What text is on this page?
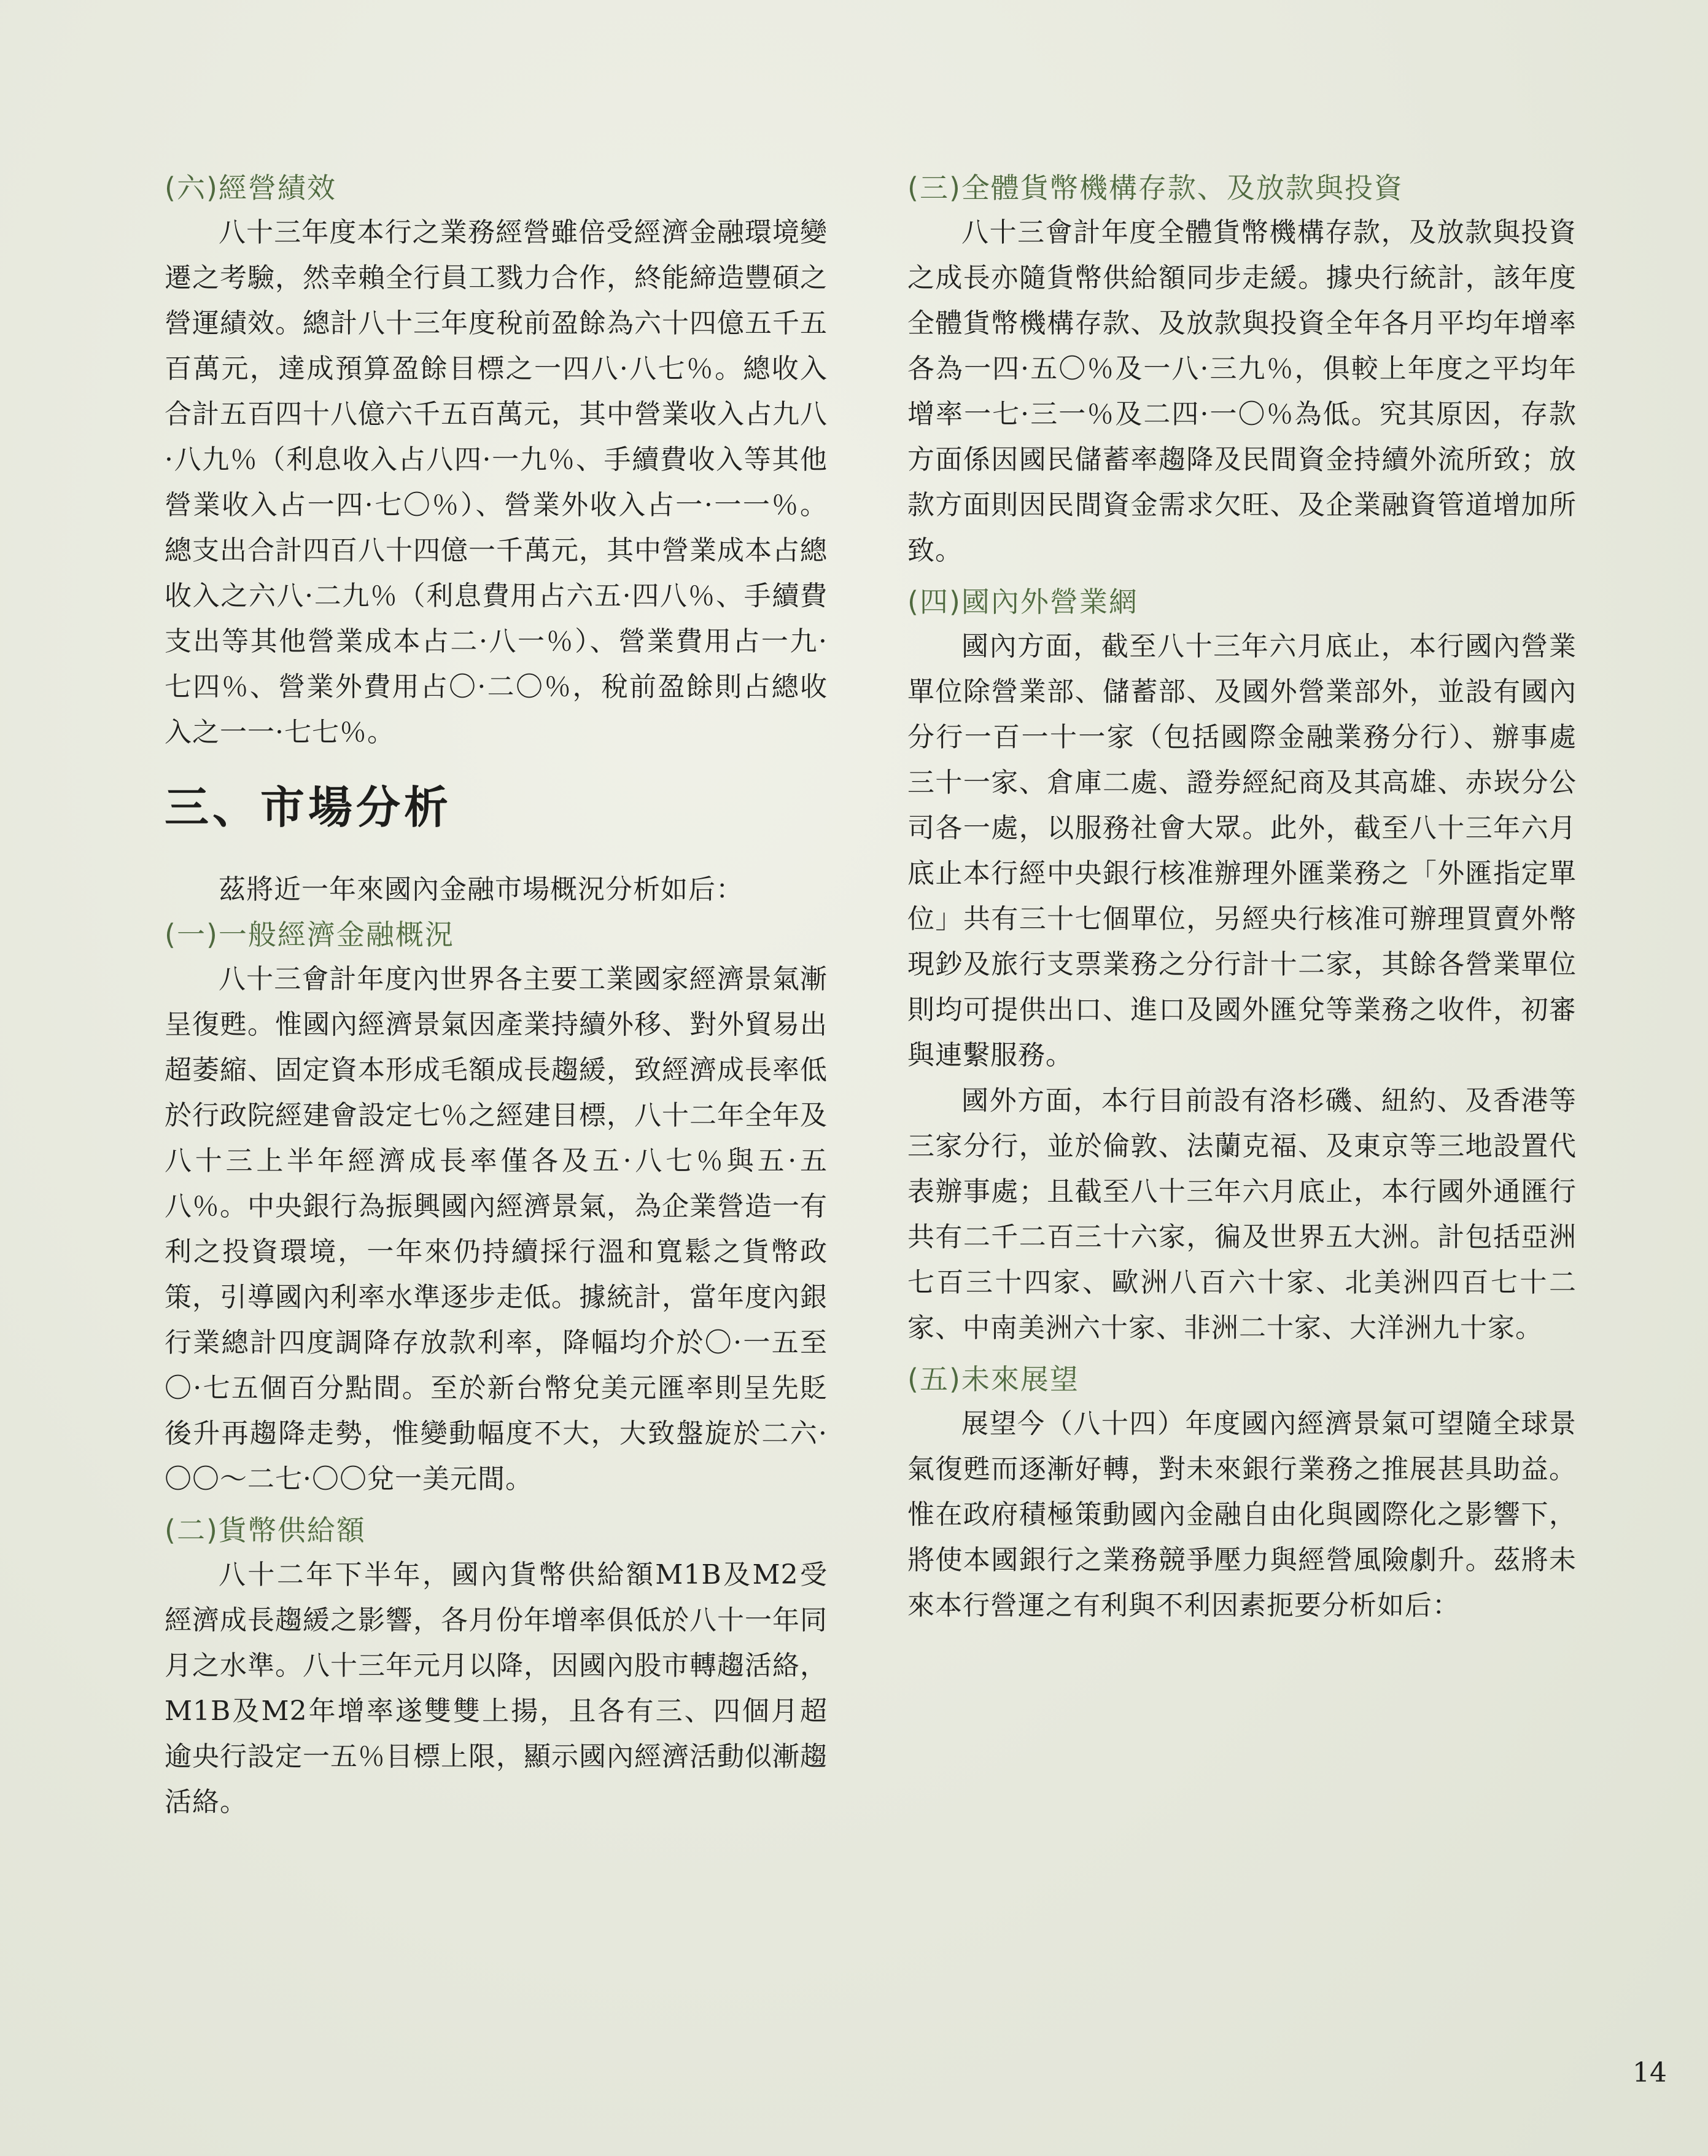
(六)經營績效

八十三年度本行之業務經營雖倍受經濟金融環境變遷之考驗，然幸賴全行員工戮力合作，終能締造豐碩之營運績效。總計八十三年度稅前盈餘為六十四億五千五百萬元，達成預算盈餘目標之一四八·八七％。總收入合計五百四十八億六千五百萬元，其中營業收入占九八·八九％（利息收入占八四·一九％、手續費收入等其他營業收入占一四·七〇％）、營業外收入占一·一一％。總支出合計四百八十四億一千萬元，其中營業成本占總收入之六八·二九％（利息費用占六五·四八％、手續費支出等其他營業成本占二·八一％）、營業費用占一九·七四％、營業外費用占〇·二〇％，稅前盈餘則占總收入之一一·七七％。

三、市場分析

茲將近一年來國內金融市場概況分析如后：

(一)一般經濟金融概況

八十三會計年度內世界各主要工業國家經濟景氣漸呈復甦。惟國內經濟景氣因產業持續外移、對外貿易出超萎縮、固定資本形成毛額成長趨緩，致經濟成長率低於行政院經建會設定七％之經建目標，八十二年全年及八十三上半年經濟成長率僅各及五·八七％與五·五八％。中央銀行為振興國內經濟景氣，為企業營造一有利之投資環境，一年來仍持續採行溫和寬鬆之貨幣政策，引導國內利率水準逐步走低。據統計，當年度內銀行業總計四度調降存放款利率，降幅均介於〇·一五至〇·七五個百分點間。至於新台幣兌美元匯率則呈先貶後升再趨降走勢，惟變動幅度不大，大致盤旋於二六·〇〇～二七·〇〇兌一美元間。

(二)貨幣供給額

八十二年下半年，國內貨幣供給額M1B及M2受經濟成長趨緩之影響，各月份年增率俱低於八十一年同月之水準。八十三年元月以降，因國內股市轉趨活絡，M1B及M2年增率遂雙雙上揚，且各有三、四個月超逾央行設定一五％目標上限，顯示國內經濟活動似漸趨活絡。

(三)全體貨幣機構存款、及放款與投資

八十三會計年度全體貨幣機構存款，及放款與投資之成長亦隨貨幣供給額同步走緩。據央行統計，該年度全體貨幣機構存款、及放款與投資全年各月平均年增率各為一四·五〇％及一八·三九％，俱較上年度之平均年增率一七·三一％及二四·一〇％為低。究其原因，存款方面係因國民儲蓄率趨降及民間資金持續外流所致；放款方面則因民間資金需求欠旺、及企業融資管道增加所致。

(四)國內外營業網

國內方面，截至八十三年六月底止，本行國內營業單位除營業部、儲蓄部、及國外營業部外，並設有國內分行一百一十一家（包括國際金融業務分行）、辦事處三十一家、倉庫二處、證券經紀商及其高雄、赤崁分公司各一處，以服務社會大眾。此外，截至八十三年六月底止本行經中央銀行核准辦理外匯業務之「外匯指定單位」共有三十七個單位，另經央行核准可辦理買賣外幣現鈔及旅行支票業務之分行計十二家，其餘各營業單位則均可提供出口、進口及國外匯兌等業務之收件，初審與連繫服務。

國外方面，本行目前設有洛杉磯、紐約、及香港等三家分行，並於倫敦、法蘭克福、及東京等三地設置代表辦事處；且截至八十三年六月底止，本行國外通匯行共有二千二百三十六家，徧及世界五大洲。計包括亞洲七百三十四家、歐洲八百六十家、北美洲四百七十二家、中南美洲六十家、非洲二十家、大洋洲九十家。

(五)未來展望

展望今（八十四）年度國內經濟景氣可望隨全球景氣復甦而逐漸好轉，對未來銀行業務之推展甚具助益。惟在政府積極策動國內金融自由化與國際化之影響下，將使本國銀行之業務競爭壓力與經營風險劇升。茲將未來本行營運之有利與不利因素扼要分析如后：

14
